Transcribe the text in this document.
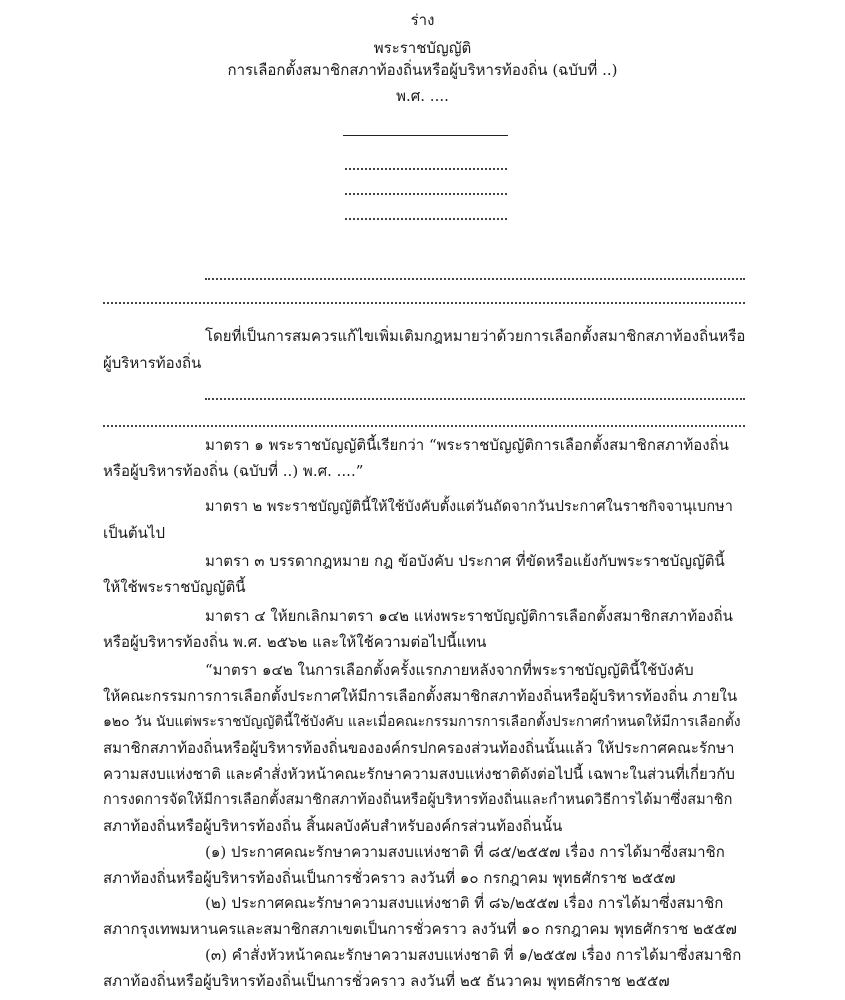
ร่าง
พระราชบัญญัติ
การเลือกตั้งสมาชิกสภาท้องถิ่นหรือผู้บริหารท้องถิ่น (ฉบับที่ ..)
พ.ศ. ....
โดยที่เป็นการสมควรแก้ไขเพิ่มเติมกฎหมายว่าด้วยการเลือกตั้งสมาชิกสภาท้องถิ่นหรือ
ผู้บริหารท้องถิ่น
มาตรา ๑ พระราชบัญญัตินี้เรียกว่า “พระราชบัญญัติการเลือกตั้งสมาชิกสภาท้องถิ่น
หรือผู้บริหารท้องถิ่น (ฉบับที่ ..) พ.ศ. ....”
มาตรา ๒ พระราชบัญญัตินี้ให้ใช้บังคับตั้งแต่วันถัดจากวันประกาศในราชกิจจานุเบกษา
เป็นต้นไป
มาตรา ๓ บรรดากฎหมาย กฎ ข้อบังคับ ประกาศ ที่ขัดหรือแย้งกับพระราชบัญญัตินี้
ให้ใช้พระราชบัญญัตินี้
มาตรา ๔ ให้ยกเลิกมาตรา ๑๔๒ แห่งพระราชบัญญัติการเลือกตั้งสมาชิกสภาท้องถิ่น
หรือผู้บริหารท้องถิ่น พ.ศ. ๒๕๖๒ และให้ใช้ความต่อไปนี้แทน
“มาตรา ๑๔๒ ในการเลือกตั้งครั้งแรกภายหลังจากที่พระราชบัญญัตินี้ใช้บังคับ
ให้คณะกรรมการการเลือกตั้งประกาศให้มีการเลือกตั้งสมาชิกสภาท้องถิ่นหรือผู้บริหารท้องถิ่น ภายใน
๑๒๐ วัน นับแต่พระราชบัญญัตินี้ใช้บังคับ และเมื่อคณะกรรมการการเลือกตั้งประกาศกำหนดให้มีการเลือกตั้ง
สมาชิกสภาท้องถิ่นหรือผู้บริหารท้องถิ่นขององค์กรปกครองส่วนท้องถิ่นนั้นแล้ว ให้ประกาศคณะรักษา
ความสงบแห่งชาติ และคำสั่งหัวหน้าคณะรักษาความสงบแห่งชาติดังต่อไปนี้ เฉพาะในส่วนที่เกี่ยวกับ
การงดการจัดให้มีการเลือกตั้งสมาชิกสภาท้องถิ่นหรือผู้บริหารท้องถิ่นและกำหนดวิธีการได้มาซึ่งสมาชิก
สภาท้องถิ่นหรือผู้บริหารท้องถิ่น สิ้นผลบังคับสำหรับองค์กรส่วนท้องถิ่นนั้น
(๑) ประกาศคณะรักษาความสงบแห่งชาติ ที่ ๘๕/๒๕๕๗ เรื่อง การได้มาซึ่งสมาชิก
สภาท้องถิ่นหรือผู้บริหารท้องถิ่นเป็นการชั่วคราว ลงวันที่ ๑๐ กรกฎาคม พุทธศักราช ๒๕๕๗
(๒) ประกาศคณะรักษาความสงบแห่งชาติ ที่ ๘๖/๒๕๕๗ เรื่อง การได้มาซึ่งสมาชิก
สภากรุงเทพมหานครและสมาชิกสภาเขตเป็นการชั่วคราว ลงวันที่ ๑๐ กรกฎาคม พุทธศักราช ๒๕๕๗
(๓) คำสั่งหัวหน้าคณะรักษาความสงบแห่งชาติ ที่ ๑/๒๕๕๗ เรื่อง การได้มาซึ่งสมาชิก
สภาท้องถิ่นหรือผู้บริหารท้องถิ่นเป็นการชั่วคราว ลงวันที่ ๒๕ ธันวาคม พุทธศักราช ๒๕๕๗
